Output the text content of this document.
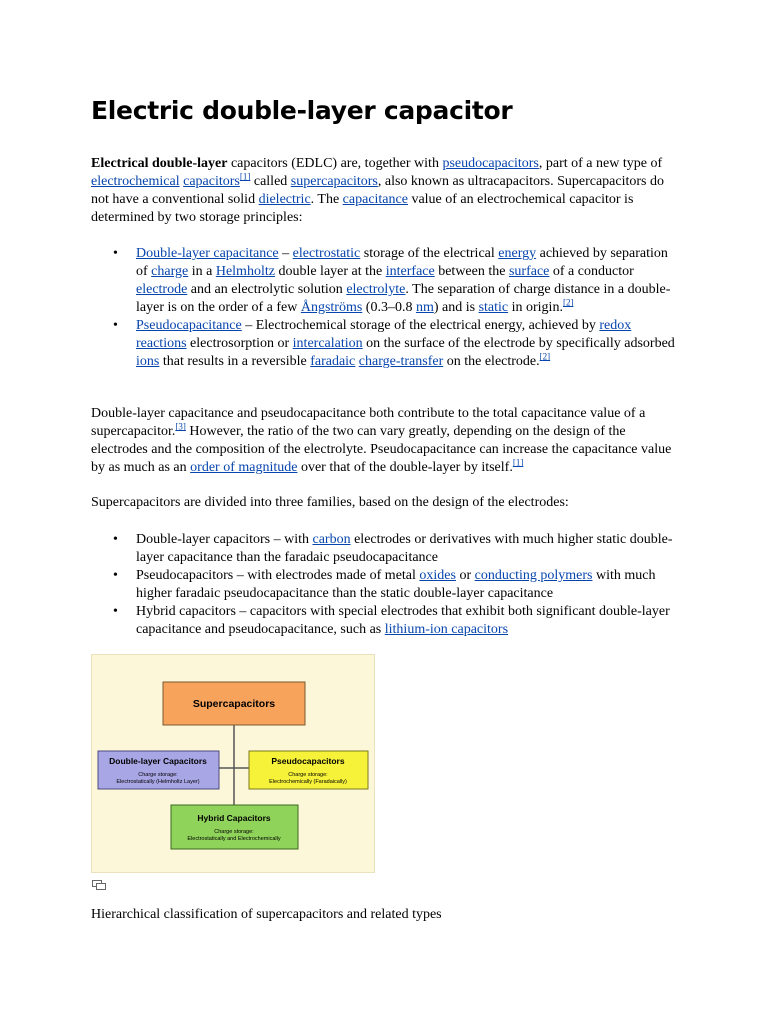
Electric double-layer capacitor

Electrical double-layer capacitors (EDLC) are, together with pseudocapacitors, part of a new type of electrochemical capacitors[1] called supercapacitors, also known as ultracapacitors. Supercapacitors do not have a conventional solid dielectric. The capacitance value of an electrochemical capacitor is determined by two storage principles:

• Double-layer capacitance – electrostatic storage of the electrical energy achieved by separation of charge in a Helmholtz double layer at the interface between the surface of a conductor electrode and an electrolytic solution electrolyte. The separation of charge distance in a double-layer is on the order of a few Ångströms (0.3–0.8 nm) and is static in origin.[2]
• Pseudocapacitance – Electrochemical storage of the electrical energy, achieved by redox reactions electrosorption or intercalation on the surface of the electrode by specifically adsorbed ions that results in a reversible faradaic charge-transfer on the electrode.[2]

Double-layer capacitance and pseudocapacitance both contribute to the total capacitance value of a supercapacitor.[3] However, the ratio of the two can vary greatly, depending on the design of the electrodes and the composition of the electrolyte. Pseudocapacitance can increase the capacitance value by as much as an order of magnitude over that of the double-layer by itself.[1]

Supercapacitors are divided into three families, based on the design of the electrodes:

• Double-layer capacitors – with carbon electrodes or derivatives with much higher static double-layer capacitance than the faradaic pseudocapacitance
• Pseudocapacitors – with electrodes made of metal oxides or conducting polymers with much higher faradaic pseudocapacitance than the static double-layer capacitance
• Hybrid capacitors – capacitors with special electrodes that exhibit both significant double-layer capacitance and pseudocapacitance, such as lithium-ion capacitors
Supercapacitors
Double-layer Capacitors
Charge storage:
Electrostatically (Helmholtz Layer)
Pseudocapacitors
Charge storage:
Electrochemically (Faradaically)
Hybrid Capacitors
Charge storage:
Electrostatically and Electrochemically

Hierarchical classification of supercapacitors and related types
